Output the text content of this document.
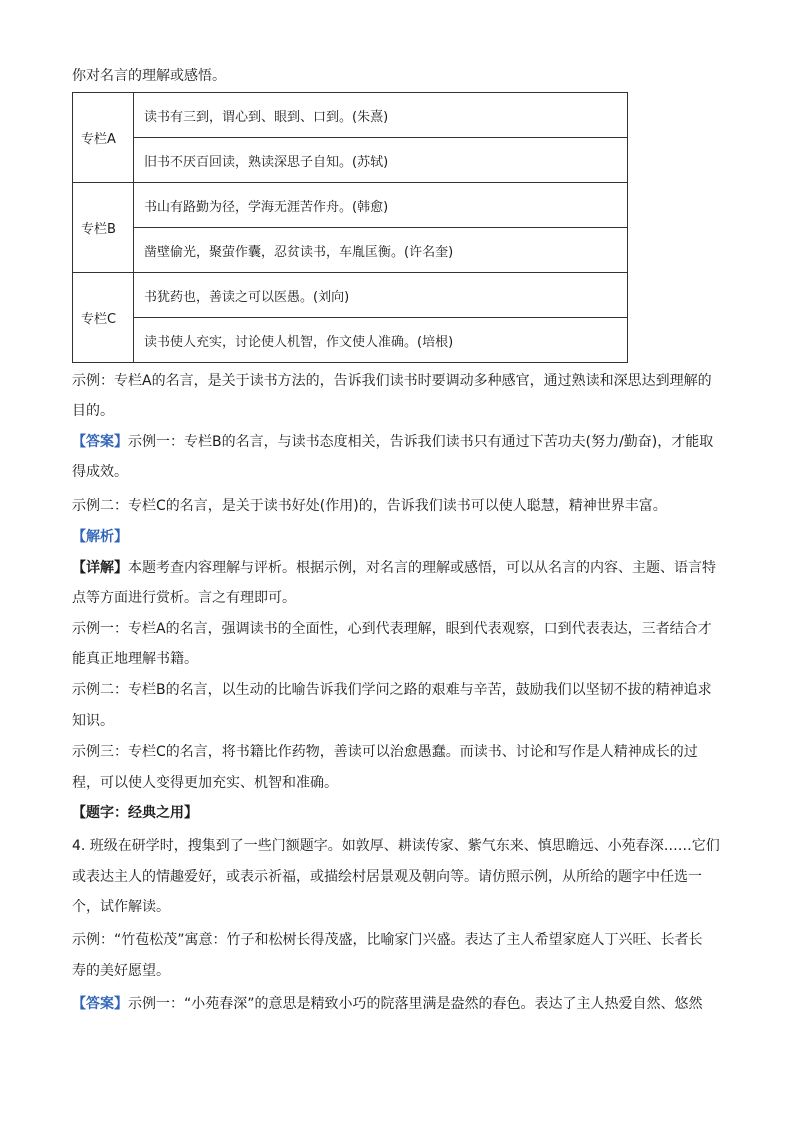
你对名言的理解或感悟。
专栏A	读书有三到，谓心到、眼到、口到。(朱熹)
	旧书不厌百回读，熟读深思子自知。(苏轼)
专栏B	书山有路勤为径，学海无涯苦作舟。(韩愈)
	凿壁偷光，聚萤作囊，忍贫读书，车胤匡衡。(许名奎)
专栏C	书犹药也，善读之可以医愚。(刘向)
	读书使人充实，讨论使人机智，作文使人准确。(培根)
示例：专栏A的名言，是关于读书方法的，告诉我们读书时要调动多种感官，通过熟读和深思达到理解的
目的。
【答案】示例一：专栏B的名言，与读书态度相关，告诉我们读书只有通过下苦功夫(努力/勤奋)，才能取
得成效。
示例二：专栏C的名言，是关于读书好处(作用)的，告诉我们读书可以使人聪慧，精神世界丰富。
【解析】
【详解】本题考查内容理解与评析。根据示例，对名言的理解或感悟，可以从名言的内容、主题、语言特
点等方面进行赏析。言之有理即可。
示例一：专栏A的名言，强调读书的全面性，心到代表理解，眼到代表观察，口到代表表达，三者结合才
能真正地理解书籍。
示例二：专栏B的名言，以生动的比喻告诉我们学问之路的艰难与辛苦，鼓励我们以坚韧不拔的精神追求
知识。
示例三：专栏C的名言，将书籍比作药物，善读可以治愈愚蠢。而读书、讨论和写作是人精神成长的过
程，可以使人变得更加充实、机智和准确。
【题字：经典之用】
4. 班级在研学时，搜集到了一些门额题字。如敦厚、耕读传家、紫气东来、慎思瞻远、小苑春深……它们
或表达主人的情趣爱好，或表示祈福，或描绘村居景观及朝向等。请仿照示例，从所给的题字中任选一
个，试作解读。
示例：“竹苞松茂”寓意：竹子和松树长得茂盛，比喻家门兴盛。表达了主人希望家庭人丁兴旺、长者长
寿的美好愿望。
【答案】示例一：“小苑春深”的意思是精致小巧的院落里满是盎然的春色。表达了主人热爱自然、悠然
